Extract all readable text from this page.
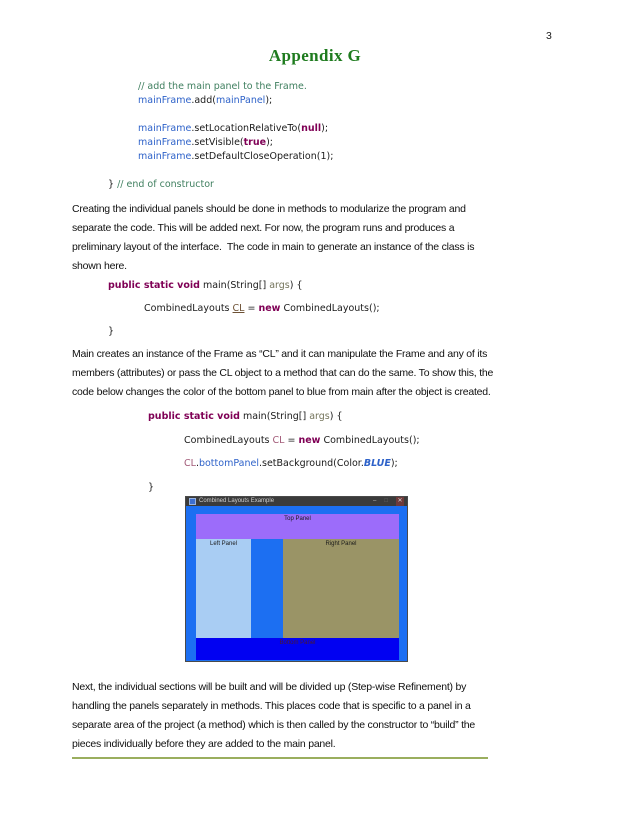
3
Appendix G
// add the main panel to the Frame.
mainFrame.add(mainPanel);

mainFrame.setLocationRelativeTo(null);
mainFrame.setVisible(true);
mainFrame.setDefaultCloseOperation(1);

} // end of constructor
Creating the individual panels should be done in methods to modularize the program and
separate the code. This will be added next. For now, the program runs and produces a
preliminary layout of the interface.  The code in main to generate an instance of the class is
shown here.
public static void main(String[] args) {
CombinedLayouts CL = new CombinedLayouts();
}
Main creates an instance of the Frame as “CL” and it can manipulate the Frame and any of its
members (attributes) or pass the CL object to a method that can do the same. To show this, the
code below changes the color of the bottom panel to blue from main after the object is created.
public static void main(String[] args) {
CombinedLayouts CL = new CombinedLayouts();
CL.bottomPanel.setBackground(Color.BLUE);
}
Combined Layouts Example	– □ ✕
Top Panel
Left Panel	Right Panel
Bottom Panel
Next, the individual sections will be built and will be divided up (Step-wise Refinement) by
handling the panels separately in methods. This places code that is specific to a panel in a
separate area of the project (a method) which is then called by the constructor to “build” the
pieces individually before they are added to the main panel.
